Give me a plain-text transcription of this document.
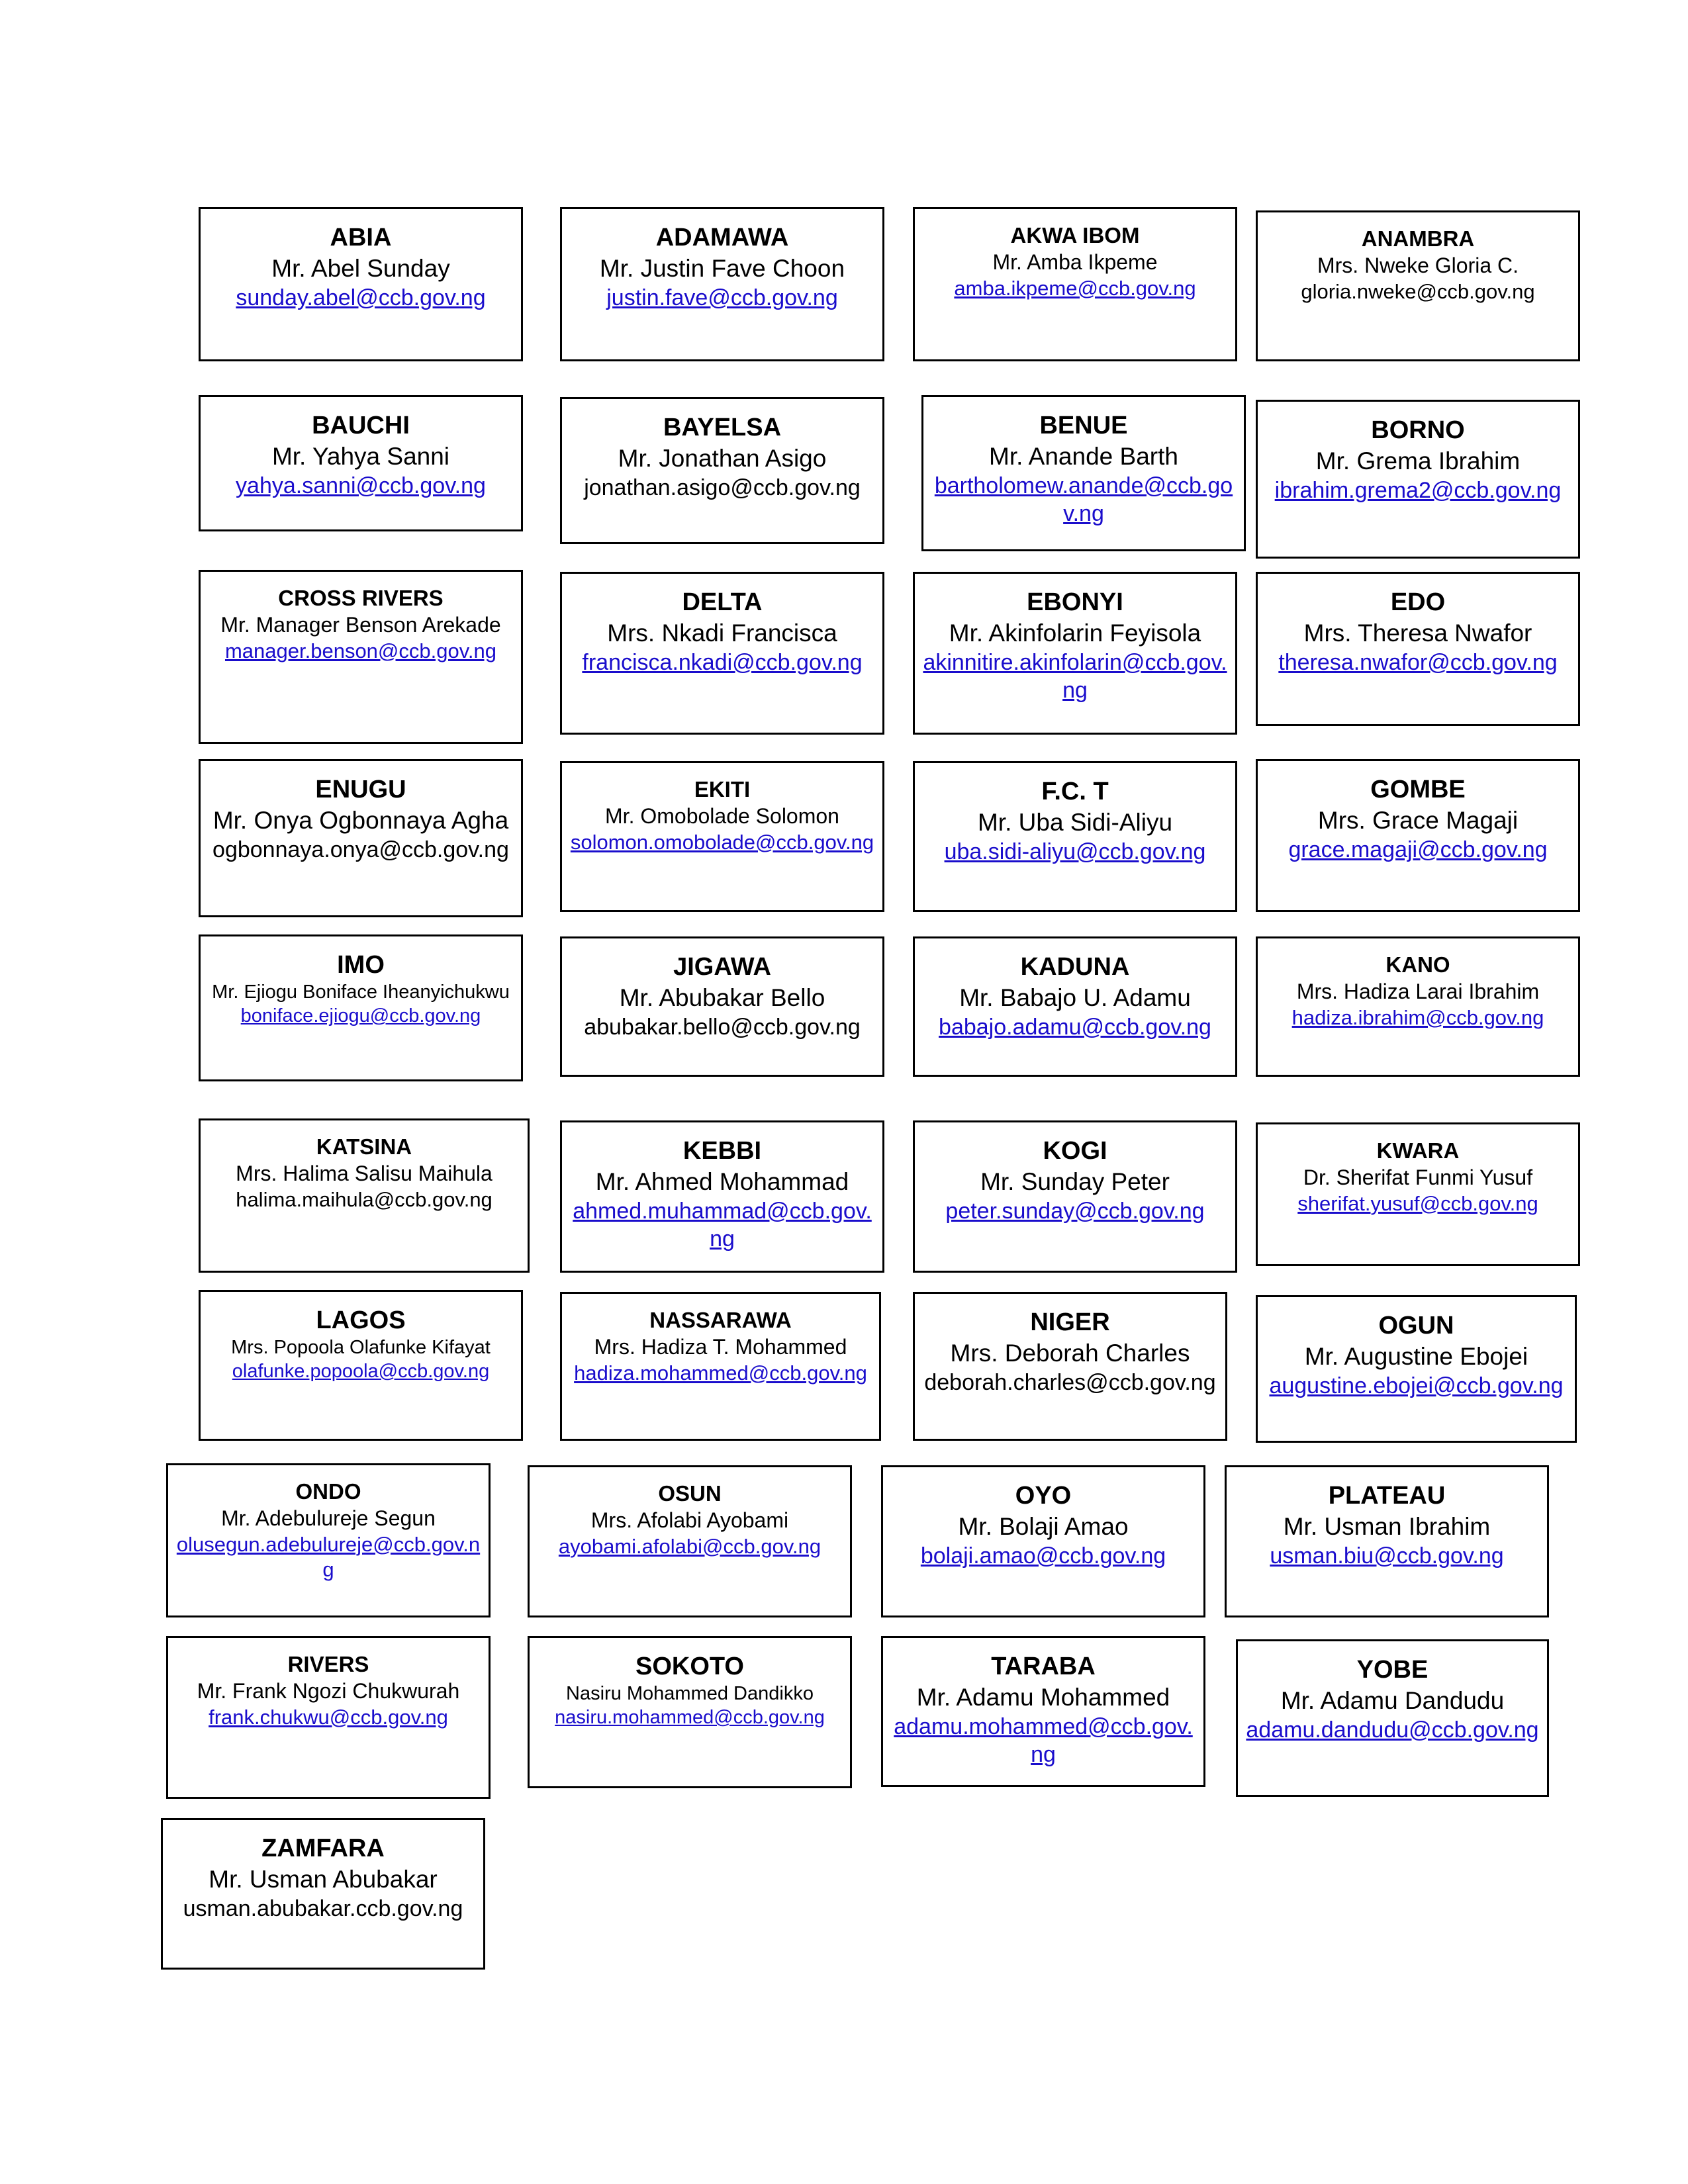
ABIA
Mr. Abel Sunday
sunday.abel@ccb.gov.ng
ADAMAWA
Mr. Justin Fave Choon
justin.fave@ccb.gov.ng
AKWA IBOM
Mr. Amba Ikpeme
amba.ikpeme@ccb.gov.ng
ANAMBRA
Mrs. Nweke Gloria C.
gloria.nweke@ccb.gov.ng
BAUCHI
Mr. Yahya Sanni
yahya.sanni@ccb.gov.ng
BAYELSA
Mr. Jonathan Asigo
jonathan.asigo@ccb.gov.ng
BENUE
Mr. Anande Barth
bartholomew.anande@ccb.gov.ng
BORNO
Mr. Grema Ibrahim
ibrahim.grema2@ccb.gov.ng
CROSS RIVERS
Mr. Manager Benson Arekade
manager.benson@ccb.gov.ng
DELTA
Mrs. Nkadi Francisca
francisca.nkadi@ccb.gov.ng
EBONYI
Mr. Akinfolarin Feyisola
akinnitire.akinfolarin@ccb.gov.ng
EDO
Mrs. Theresa Nwafor
theresa.nwafor@ccb.gov.ng
ENUGU
Mr. Onya Ogbonnaya Agha
ogbonnaya.onya@ccb.gov.ng
EKITI
Mr. Omobolade Solomon
solomon.omobolade@ccb.gov.ng
F.C. T
Mr. Uba Sidi-Aliyu
uba.sidi-aliyu@ccb.gov.ng
GOMBE
Mrs. Grace Magaji
grace.magaji@ccb.gov.ng
IMO
Mr. Ejiogu Boniface Iheanyichukwu
boniface.ejiogu@ccb.gov.ng
JIGAWA
Mr. Abubakar Bello
abubakar.bello@ccb.gov.ng
KADUNA
Mr. Babajo U. Adamu
babajo.adamu@ccb.gov.ng
KANO
Mrs. Hadiza Larai Ibrahim
hadiza.ibrahim@ccb.gov.ng
KATSINA
Mrs. Halima Salisu Maihula
halima.maihula@ccb.gov.ng
KEBBI
Mr. Ahmed Mohammad
ahmed.muhammad@ccb.gov.ng
KOGI
Mr. Sunday Peter
peter.sunday@ccb.gov.ng
KWARA
Dr. Sherifat Funmi Yusuf
sherifat.yusuf@ccb.gov.ng
LAGOS
Mrs. Popoola Olafunke Kifayat
olafunke.popoola@ccb.gov.ng
NASSARAWA
Mrs. Hadiza T. Mohammed
hadiza.mohammed@ccb.gov.ng
NIGER
Mrs. Deborah Charles
deborah.charles@ccb.gov.ng
OGUN
Mr. Augustine Ebojei
augustine.ebojei@ccb.gov.ng
ONDO
Mr. Adebulureje Segun
olusegun.adebulureje@ccb.gov.ng
OSUN
Mrs. Afolabi Ayobami
ayobami.afolabi@ccb.gov.ng
OYO
Mr. Bolaji Amao
bolaji.amao@ccb.gov.ng
PLATEAU
Mr. Usman Ibrahim
usman.biu@ccb.gov.ng
RIVERS
Mr. Frank Ngozi Chukwurah
frank.chukwu@ccb.gov.ng
SOKOTO
Nasiru Mohammed Dandikko
nasiru.mohammed@ccb.gov.ng
TARABA
Mr. Adamu Mohammed
adamu.mohammed@ccb.gov.ng
YOBE
Mr. Adamu Dandudu
adamu.dandudu@ccb.gov.ng
ZAMFARA
Mr. Usman Abubakar
usman.abubakar.ccb.gov.ng
